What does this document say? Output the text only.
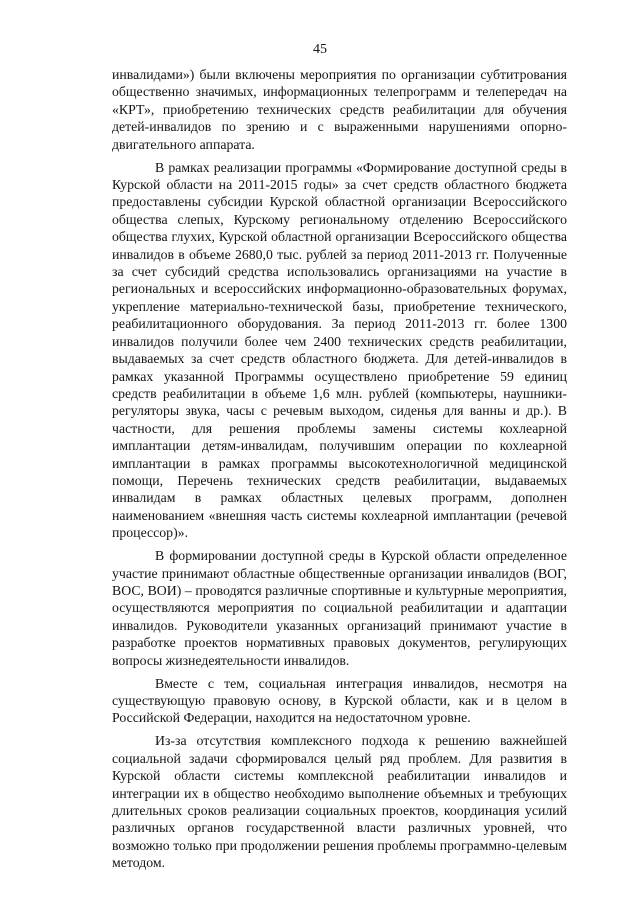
45

инвалидами») были включены мероприятия по организации субтитрования общественно значимых, информационных телепрограмм и телепередач на «КРТ», приобретению технических средств реабилитации для обучения детей-инвалидов по зрению и с выраженными нарушениями опорно-двигательного аппарата.

В рамках реализации программы «Формирование доступной среды в Курской области на 2011-2015 годы» за счет средств областного бюджета предоставлены субсидии Курской областной организации Всероссийского общества слепых, Курскому региональному отделению Всероссийского общества глухих, Курской областной организации Всероссийского общества инвалидов в объеме 2680,0 тыс. рублей за период 2011-2013 гг. Полученные за счет субсидий средства использовались организациями на участие в региональных и всероссийских информационно-образовательных форумах, укрепление материально-технической базы, приобретение технического, реабилитационного оборудования. За период 2011-2013 гг. более 1300 инвалидов получили более чем 2400 технических средств реабилитации, выдаваемых за счет средств областного бюджета. Для детей-инвалидов в рамках указанной Программы осуществлено приобретение 59 единиц средств реабилитации в объеме 1,6 млн. рублей (компьютеры, наушники-регуляторы звука, часы с речевым выходом, сиденья для ванны и др.). В частности, для решения проблемы замены системы кохлеарной имплантации детям-инвалидам, получившим операции по кохлеарной имплантации в рамках программы высокотехнологичной медицинской помощи, Перечень технических средств реабилитации, выдаваемых инвалидам в рамках областных целевых программ, дополнен наименованием «внешняя часть системы кохлеарной имплантации (речевой процессор)».

В формировании доступной среды в Курской области определенное участие принимают областные общественные организации инвалидов (ВОГ, ВОС, ВОИ) – проводятся различные спортивные и культурные мероприятия, осуществляются мероприятия по социальной реабилитации и адаптации инвалидов. Руководители указанных организаций принимают участие в разработке проектов нормативных правовых документов, регулирующих вопросы жизнедеятельности инвалидов.

Вместе с тем, социальная интеграция инвалидов, несмотря на существующую правовую основу, в Курской области, как и в целом в Российской Федерации, находится на недостаточном уровне.

Из-за отсутствия комплексного подхода к решению важнейшей социальной задачи сформировался целый ряд проблем. Для развития в Курской области системы комплексной реабилитации инвалидов и интеграции их в общество необходимо выполнение объемных и требующих длительных сроков реализации социальных проектов, координация усилий различных органов государственной власти различных уровней, что возможно только при продолжении решения проблемы программно-целевым методом.
